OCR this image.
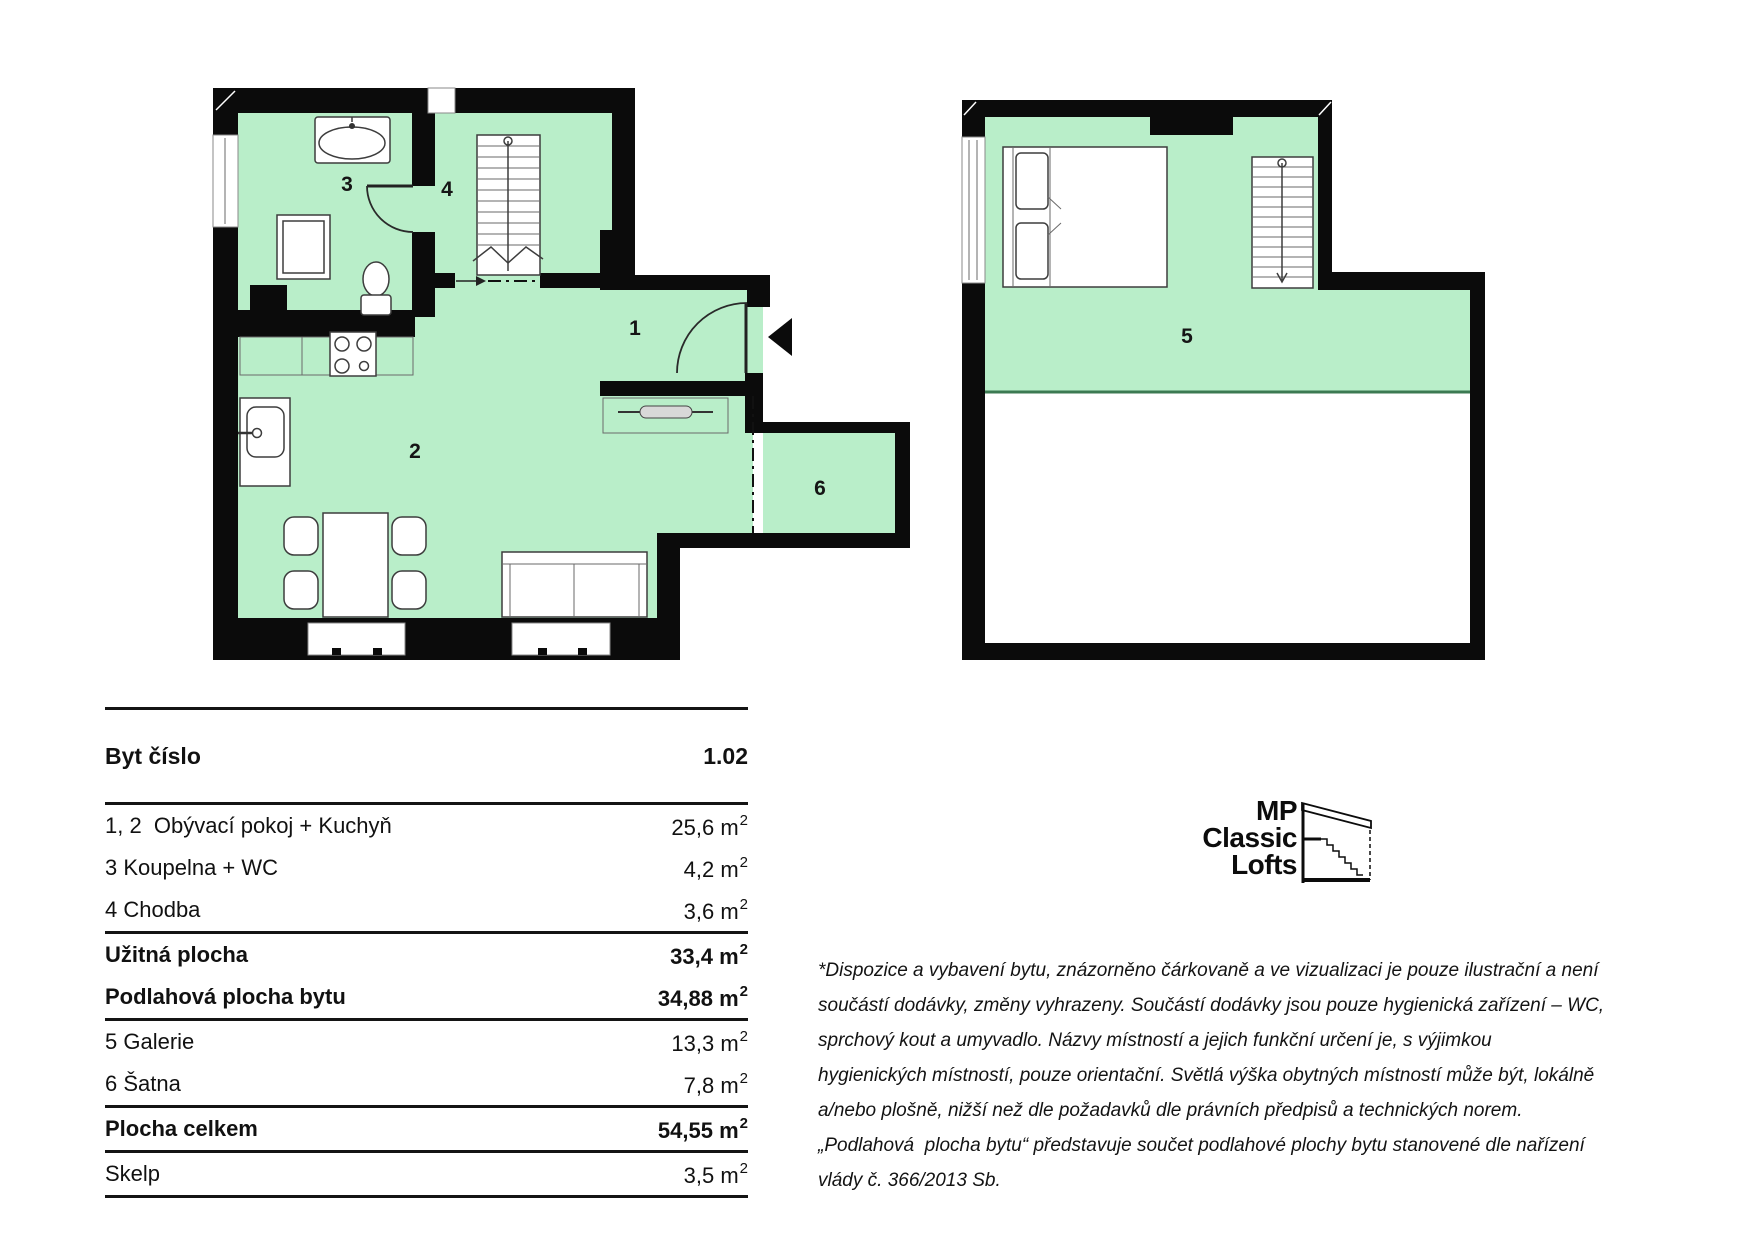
3	4
1
2
6
5
Byt číslo	1.02
1, 2  Obývací pokoj + Kuchyň	25,6 $m^2$
3 Koupelna + WC	4,2 $m^2$
4 Chodba	3,6 $m^2$
Užitná plocha	33,4 $m^2$
Podlahová plocha bytu	34,88 $m^2$
5 Galerie	13,3 $m^2$
6 Šatna	7,8 $m^2$
Plocha celkem	54,55 $m^2$
Skelp	3,5 $m^2$
MP
Classic
Lofts
*Dispozice a vybavení bytu, znázorněno čárkovaně a ve vizualizaci je pouze ilustrační a není
součástí dodávky, změny vyhrazeny. Součástí dodávky jsou pouze hygienická zařízení – WC,
sprchový kout a umyvadlo. Názvy místností a jejich funkční určení je, s výjimkou
hygienických místností, pouze orientační. Světlá výška obytných místností může být, lokálně
a/nebo plošně, nižší než dle požadavků dle právních předpisů a technických norem.
„Podlahová  plocha bytu“ představuje součet podlahové plochy bytu stanovené dle nařízení
vlády č. 366/2013 Sb.
